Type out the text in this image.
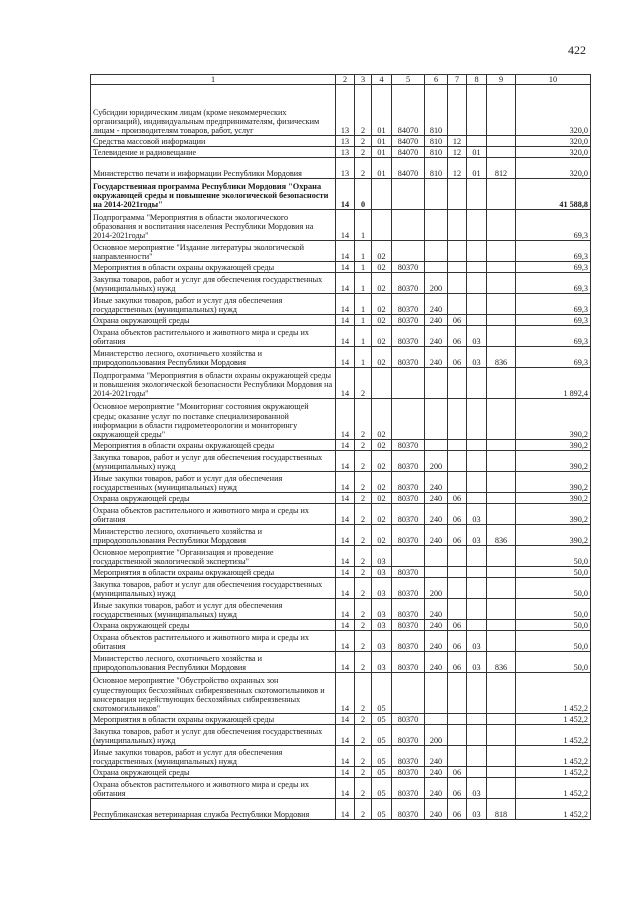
422
1	2	3	4	5	6	7	8	9	10
Субсидии юридическим лицам (кроме некоммерческих организаций), индивидуальным предпринимателям, физическим лицам - производителям товаров, работ, услуг	13	2	01	84070	810				320,0
Средства массовой информации	13	2	01	84070	810	12			320,0
Телевидение и радиовещание	13	2	01	84070	810	12	01		320,0
Министерство печати и информации Республики Мордовия	13	2	01	84070	810	12	01	812	320,0
Государственная программа Республики Мордовия "Охрана окружающей среды и повышение экологической безопасности на 2014-2021годы"	14	0							41 588,8
Подпрограмма "Мероприятия в области экологического образования и воспитания населения Республики Мордовия на 2014-2021годы"	14	1							69,3
Основное мероприятие "Издание литературы экологической направленности"	14	1	02						69,3
Мероприятия в области охраны окружающей среды	14	1	02	80370					69,3
Закупка товаров, работ и услуг для обеспечения государственных (муниципальных) нужд	14	1	02	80370	200				69,3
Иные закупки товаров, работ и услуг для обеспечения государственных (муниципальных) нужд	14	1	02	80370	240				69,3
Охрана окружающей среды	14	1	02	80370	240	06			69,3
Охрана объектов растительного и животного мира и среды их обитания	14	1	02	80370	240	06	03		69,3
Министерство лесного, охотничьего хозяйства и природопользования Республики Мордовия	14	1	02	80370	240	06	03	836	69,3
Подпрограмма "Мероприятия в области охраны окружающей среды и повышения экологической безопасности Республики Мордовия на 2014-2021годы"	14	2							1 892,4
Основное мероприятие "Мониторинг состояния окружающей среды; оказание услуг по поставке специализированной информации в области гидрометеорологии и мониторингу окружающей среды"	14	2	02						390,2
Мероприятия в области охраны окружающей среды	14	2	02	80370					390,2
Закупка товаров, работ и услуг для обеспечения государственных (муниципальных) нужд	14	2	02	80370	200				390,2
Иные закупки товаров, работ и услуг для обеспечения государственных (муниципальных) нужд	14	2	02	80370	240				390,2
Охрана окружающей среды	14	2	02	80370	240	06			390,2
Охрана объектов растительного и животного мира и среды их обитания	14	2	02	80370	240	06	03		390,2
Министерство лесного, охотничьего хозяйства и природопользования Республики Мордовия	14	2	02	80370	240	06	03	836	390,2
Основное мероприятие "Организация и проведение государственной экологической экспертизы"	14	2	03						50,0
Мероприятия в области охраны окружающей среды	14	2	03	80370					50,0
Закупка товаров, работ и услуг для обеспечения государственных (муниципальных) нужд	14	2	03	80370	200				50,0
Иные закупки товаров, работ и услуг для обеспечения государственных (муниципальных) нужд	14	2	03	80370	240				50,0
Охрана окружающей среды	14	2	03	80370	240	06			50,0
Охрана объектов растительного и животного мира и среды их обитания	14	2	03	80370	240	06	03		50,0
Министерство лесного, охотничьего хозяйства и природопользования Республики Мордовия	14	2	03	80370	240	06	03	836	50,0
Основное мероприятие "Обустройство охранных зон существующих бесхозяйных сибиреязвенных скотомогильников и консервация недействующих бесхозяйных сибиреязвенных скотомогильников"	14	2	05						1 452,2
Мероприятия в области охраны окружающей среды	14	2	05	80370					1 452,2
Закупка товаров, работ и услуг для обеспечения государственных (муниципальных) нужд	14	2	05	80370	200				1 452,2
Иные закупки товаров, работ и услуг для обеспечения государственных (муниципальных) нужд	14	2	05	80370	240				1 452,2
Охрана окружающей среды	14	2	05	80370	240	06			1 452,2
Охрана объектов растительного и животного мира и среды их обитания	14	2	05	80370	240	06	03		1 452,2
Республиканская ветеринарная служба Республики Мордовия	14	2	05	80370	240	06	03	818	1 452,2
